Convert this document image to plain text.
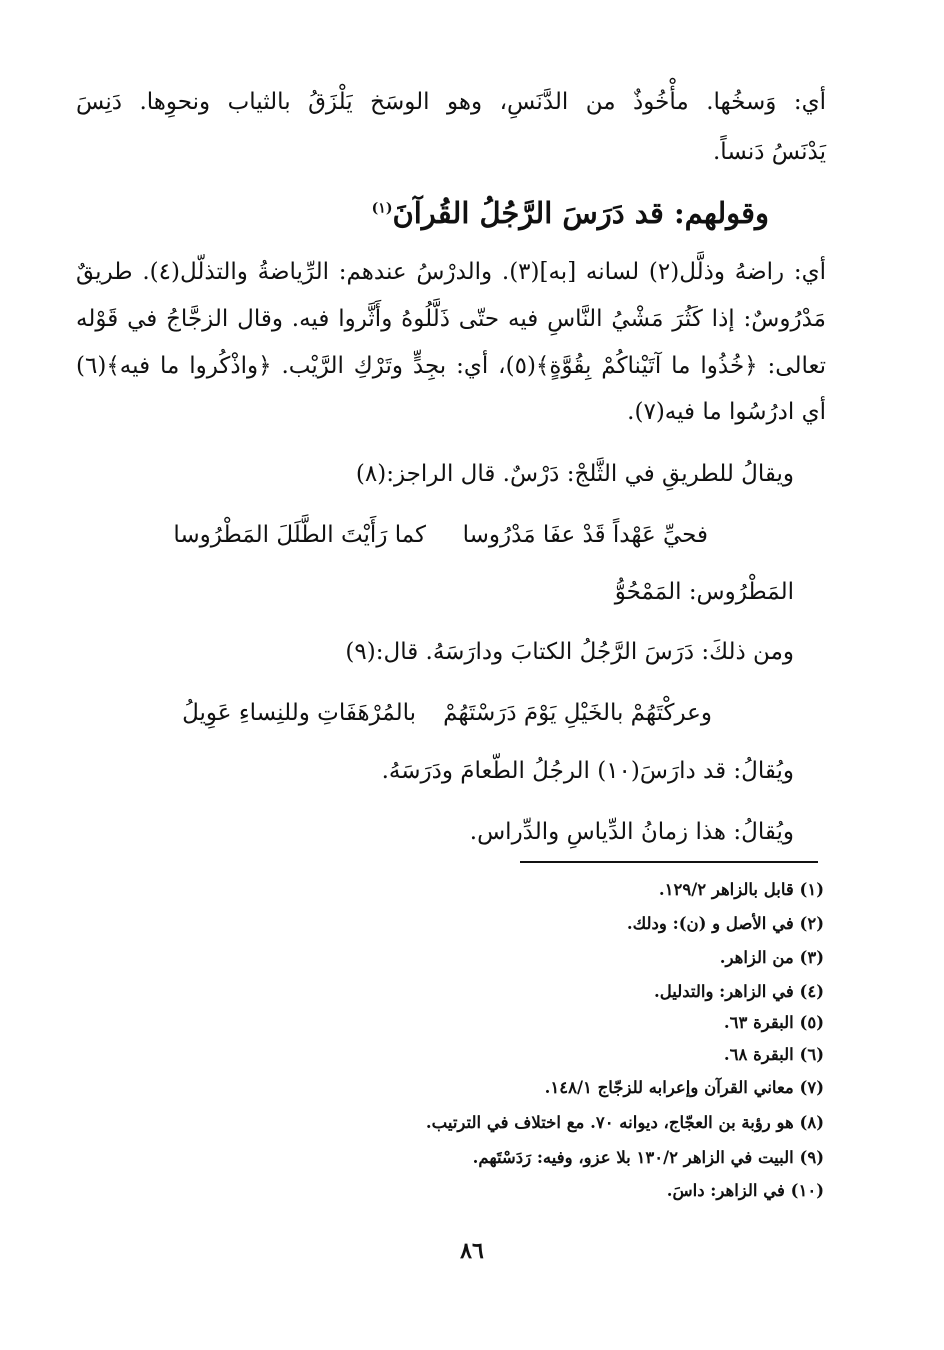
أي: وَسخُها. مأْخُوذٌ من الدَّنَسِ، وهو الوسَخ يَلْزَقُ بالثياب ونحوِها. دَنِسَ
يَدْنَسُ دَنساً.
وقولهم: قد دَرَسَ الرَّجُلُ القُرآنَ$^{(١)}$
أي: راضهُ وذلَّل(٢) لسانه [به](٣). والدرْسُ عندهم: الرِّياضةُ والتذلّل(٤). طريقٌ
مَدْرُوسٌ: إذا كَثُرَ مَشْيُ النَّاسِ فيه حتّى ذَلَّلُوهُ وأَثَّروا فيه. وقال الزجَّاجُ في قَوْله
تعالى: ﴿خُذُوا ما آتَيْناكُمْ بِقُوَّةٍ﴾(٥)، أي: بجِدٍّ وتَرْكِ الرَّيْب. ﴿واذْكُروا ما فيه﴾(٦)
أي ادرُسُوا ما فيه(٧).
ويقالُ للطريقِ في الثَّلجْ: دَرْسٌ. قال الراجز:(٨)
فحيِّ عَهْداً قَدْ عفَا مَدْرُوسا
كما رَأَيْتَ الطَّلَلَ المَطْرُوسا
المَطْرُوس: المَمْحُوُّ
ومن ذلكَ: دَرَسَ الرَّجُلُ الكتابَ ودارَسَهُ. قال:(٩)
وعركْتَهُمْ بالخَيْلِ يَوْمَ دَرَسْتَهُمْ
بالمُرْهَفَاتِ وللنِساءِ عَوِيلُ
ويُقالُ: قد دارَسَ(١٠) الرجُلُ الطّعامَ ودَرَسَهُ.
ويُقالُ: هذا زمانُ الدِّياسِ والدِّراس.
(١) قابل بالزاهر ١٢٩/٢.
(٢) في الأصل و (ن): ودلك.
(٣) من الزاهر.
(٤) في الزاهر: والتدليل.
(٥) البقرة ٦٣.
(٦) البقرة ٦٨.
(٧) معاني القرآن وإعرابه للزجّاج ١٤٨/١.
(٨) هو رؤبة بن العجّاج، ديوانه ٧٠. مع اختلاف في الترتيب.
(٩) البيت في الزاهر ١٣٠/٢ بلا عزو، وفيه: رَدَسْتَهم.
(١٠) في الزاهر: داسَ.
٨٦
